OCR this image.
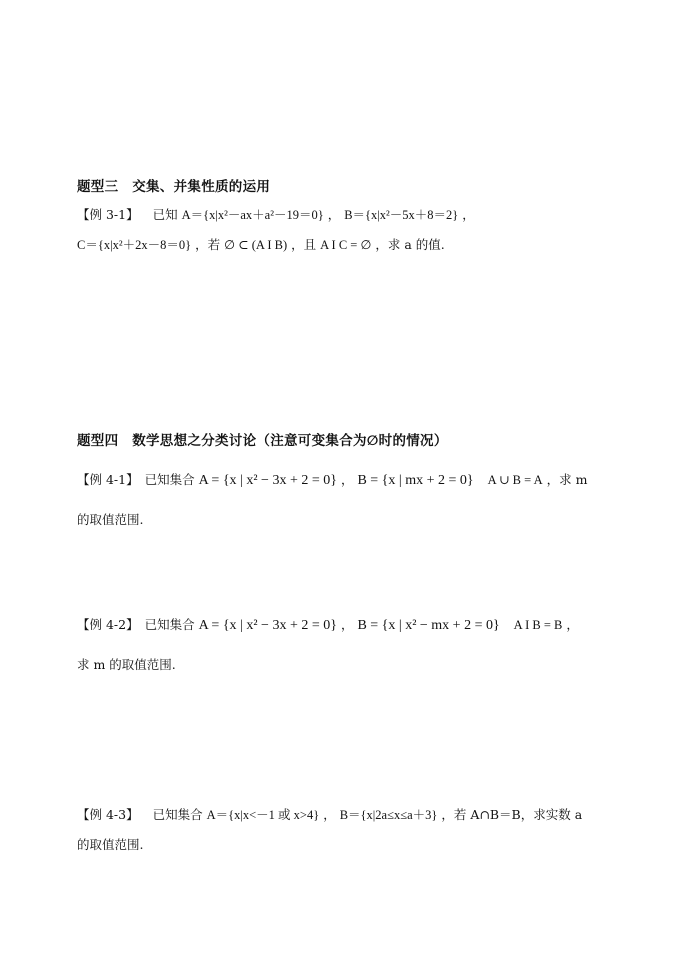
题型三　交集、并集性质的运用
【例 3-1】 已知 A＝{x|x²－ax＋a²－19＝0} ， B＝{x|x²－5x＋8＝2} ，
C＝{x|x²＋2x－8＝0} ，若 ∅ ⊂ (A I B) ，且 A I C = ∅ ，求 a 的值.
题型四　数学思想之分类讨论（注意可变集合为∅时的情况）
【例 4-1】 已知集合 A = {x | x² − 3x + 2 = 0} ， B = {x | mx + 2 = 0} A ∪ B = A ，求 m
的取值范围.
【例 4-2】 已知集合 A = {x | x² − 3x + 2 = 0} ， B = {x | x² − mx + 2 = 0} A I B = B ，
求 m 的取值范围.
【例 4-3】 已知集合 A＝{x|x<－1 或 x>4} ， B＝{x|2a≤x≤a＋3} ，若 A∩B＝B，求实数 a
的取值范围.
